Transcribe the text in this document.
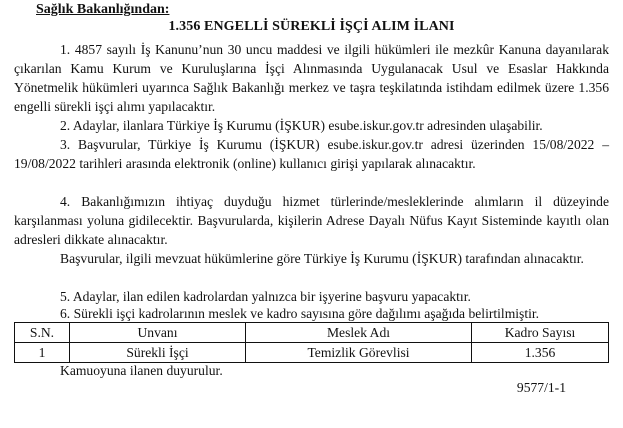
Sağlık Bakanlığından:
1.356 ENGELLİ SÜREKLİ İŞÇİ ALIM İLANI

1. 4857 sayılı İş Kanunu’nun 30 uncu maddesi ve ilgili hükümleri ile mezkûr Kanuna dayanılarak çıkarılan Kamu Kurum ve Kuruluşlarına İşçi Alınmasında Uygulanacak Usul ve Esaslar Hakkında Yönetmelik hükümleri uyarınca Sağlık Bakanlığı merkez ve taşra teşkilatında istihdam edilmek üzere 1.356 engelli sürekli işçi alımı yapılacaktır.

2. Adaylar, ilanlara Türkiye İş Kurumu (İŞKUR) esube.iskur.gov.tr adresinden ulaşabilir.

3. Başvurular, Türkiye İş Kurumu (İŞKUR) esube.iskur.gov.tr adresi üzerinden 15/08/2022 – 19/08/2022 tarihleri arasında elektronik (online) kullanıcı girişi yapılarak alınacaktır.

4. Bakanlığımızın ihtiyaç duyduğu hizmet türlerinde/mesleklerinde alımların il düzeyinde karşılanması yoluna gidilecektir. Başvurularda, kişilerin Adrese Dayalı Nüfus Kayıt Sisteminde kayıtlı olan adresleri dikkate alınacaktır.

Başvurular, ilgili mevzuat hükümlerine göre Türkiye İş Kurumu (İŞKUR) tarafından alınacaktır.

5. Adaylar, ilan edilen kadrolardan yalnızca bir işyerine başvuru yapacaktır.

6. Sürekli işçi kadrolarının meslek ve kadro sayısına göre dağılımı aşağıda belirtilmiştir.

S.N.	Unvanı	Meslek Adı	Kadro Sayısı
1	Sürekli İşçi	Temizlik Görevlisi	1.356
Kamuoyuna ilanen duyurulur.
9577/1-1
